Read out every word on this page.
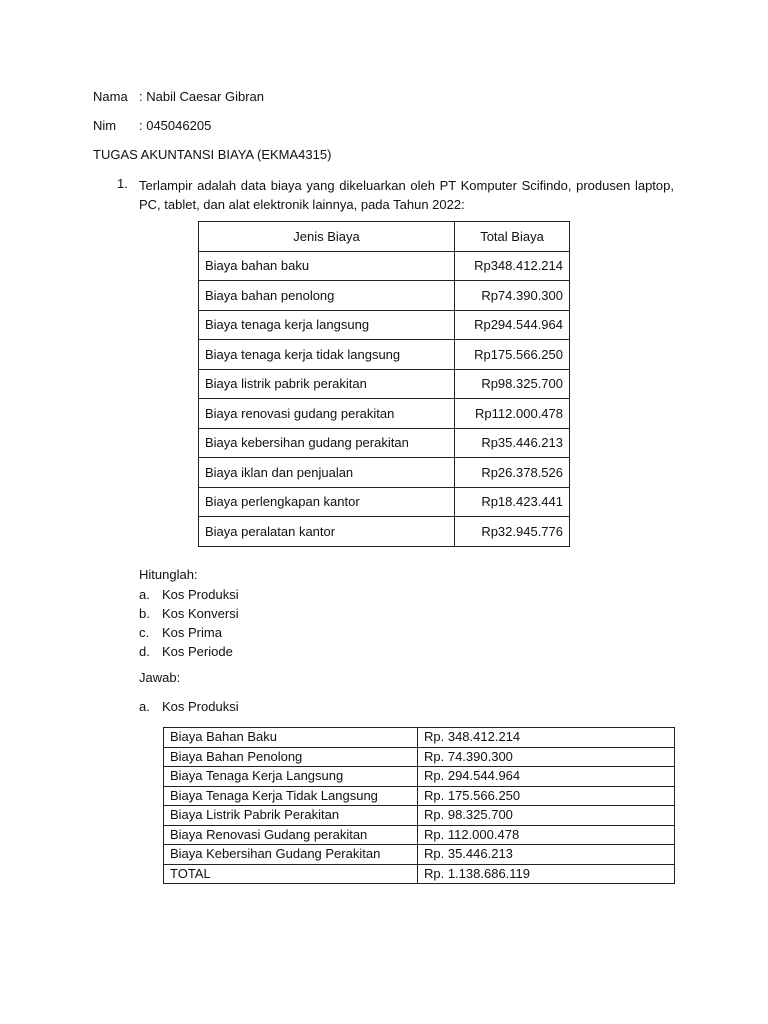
Nama : Nabil Caesar Gibran
Nim : 045046205
TUGAS AKUNTANSI BIAYA (EKMA4315)
1. Terlampir adalah data biaya yang dikeluarkan oleh PT Komputer Scifindo, produsen laptop, PC, tablet, dan alat elektronik lainnya, pada Tahun 2022:
Jenis Biaya	Total Biaya
Biaya bahan baku	Rp348.412.214
Biaya bahan penolong	Rp74.390.300
Biaya tenaga kerja langsung	Rp294.544.964
Biaya tenaga kerja tidak langsung	Rp175.566.250
Biaya listrik pabrik perakitan	Rp98.325.700
Biaya renovasi gudang perakitan	Rp112.000.478
Biaya kebersihan gudang perakitan	Rp35.446.213
Biaya iklan dan penjualan	Rp26.378.526
Biaya perlengkapan kantor	Rp18.423.441
Biaya peralatan kantor	Rp32.945.776
Hitunglah:
a. Kos Produksi
b. Kos Konversi
c. Kos Prima
d. Kos Periode
Jawab:
a. Kos Produksi
Biaya Bahan Baku	Rp. 348.412.214
Biaya Bahan Penolong	Rp. 74.390.300
Biaya Tenaga Kerja Langsung	Rp. 294.544.964
Biaya Tenaga Kerja Tidak Langsung	Rp. 175.566.250
Biaya Listrik Pabrik Perakitan	Rp. 98.325.700
Biaya Renovasi Gudang perakitan	Rp. 112.000.478
Biaya Kebersihan Gudang Perakitan	Rp. 35.446.213
TOTAL	Rp. 1.138.686.119
